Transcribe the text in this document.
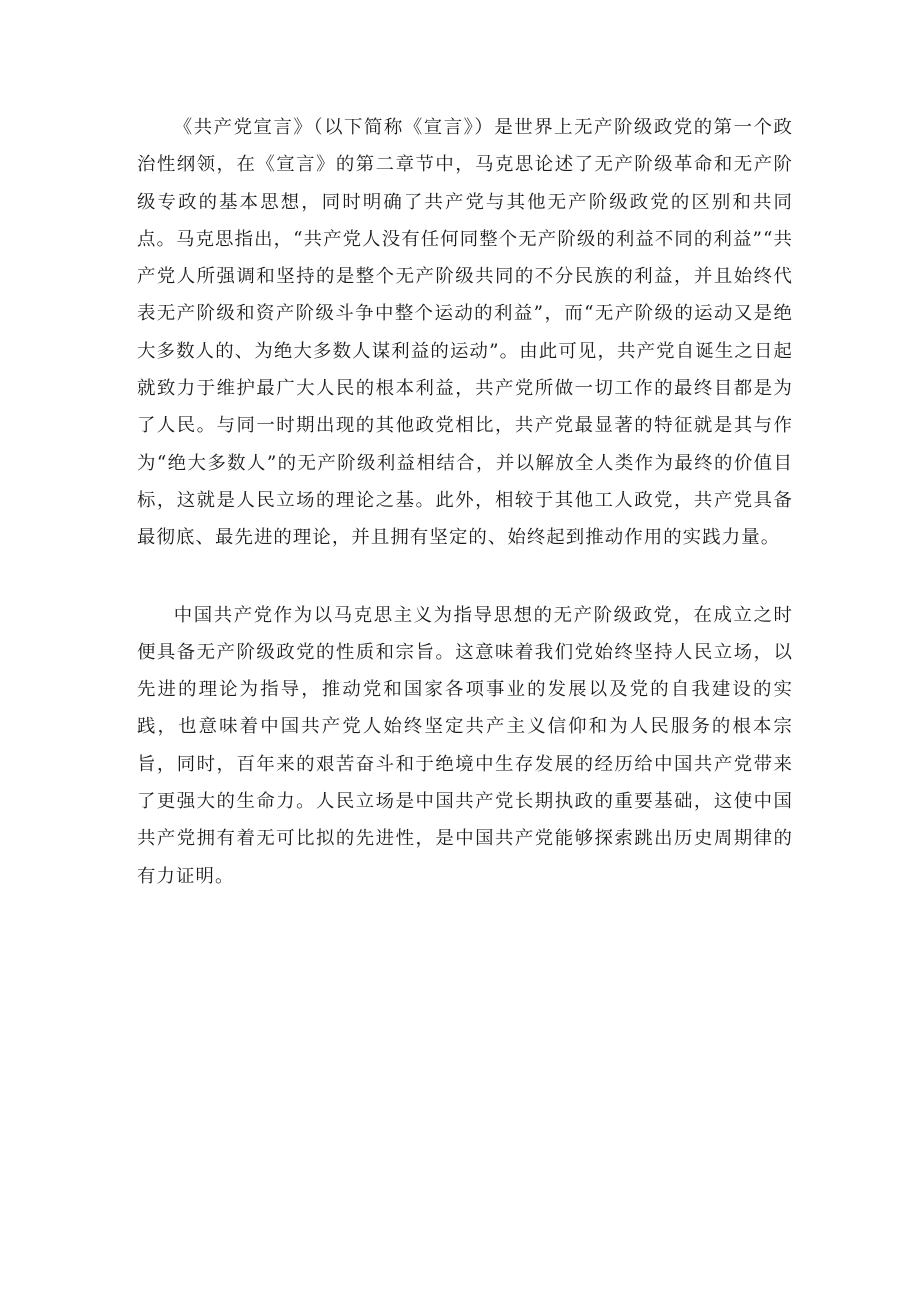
《共产党宣言》（以下简称《宣言》）是世界上无产阶级政党的第一个政治性纲领，在《宣言》的第二章节中，马克思论述了无产阶级革命和无产阶级专政的基本思想，同时明确了共产党与其他无产阶级政党的区别和共同点。马克思指出，“共产党人没有任何同整个无产阶级的利益不同的利益”“共产党人所强调和坚持的是整个无产阶级共同的不分民族的利益，并且始终代表无产阶级和资产阶级斗争中整个运动的利益”，而“无产阶级的运动又是绝大多数人的、为绝大多数人谋利益的运动”。由此可见，共产党自诞生之日起就致力于维护最广大人民的根本利益，共产党所做一切工作的最终目都是为了人民。与同一时期出现的其他政党相比，共产党最显著的特征就是其与作为“绝大多数人”的无产阶级利益相结合，并以解放全人类作为最终的价值目标，这就是人民立场的理论之基。此外，相较于其他工人政党，共产党具备最彻底、最先进的理论，并且拥有坚定的、始终起到推动作用的实践力量。

中国共产党作为以马克思主义为指导思想的无产阶级政党，在成立之时便具备无产阶级政党的性质和宗旨。这意味着我们党始终坚持人民立场，以先进的理论为指导，推动党和国家各项事业的发展以及党的自我建设的实践，也意味着中国共产党人始终坚定共产主义信仰和为人民服务的根本宗旨，同时，百年来的艰苦奋斗和于绝境中生存发展的经历给中国共产党带来了更强大的生命力。人民立场是中国共产党长期执政的重要基础，这使中国共产党拥有着无可比拟的先进性，是中国共产党能够探索跳出历史周期律的有力证明。
